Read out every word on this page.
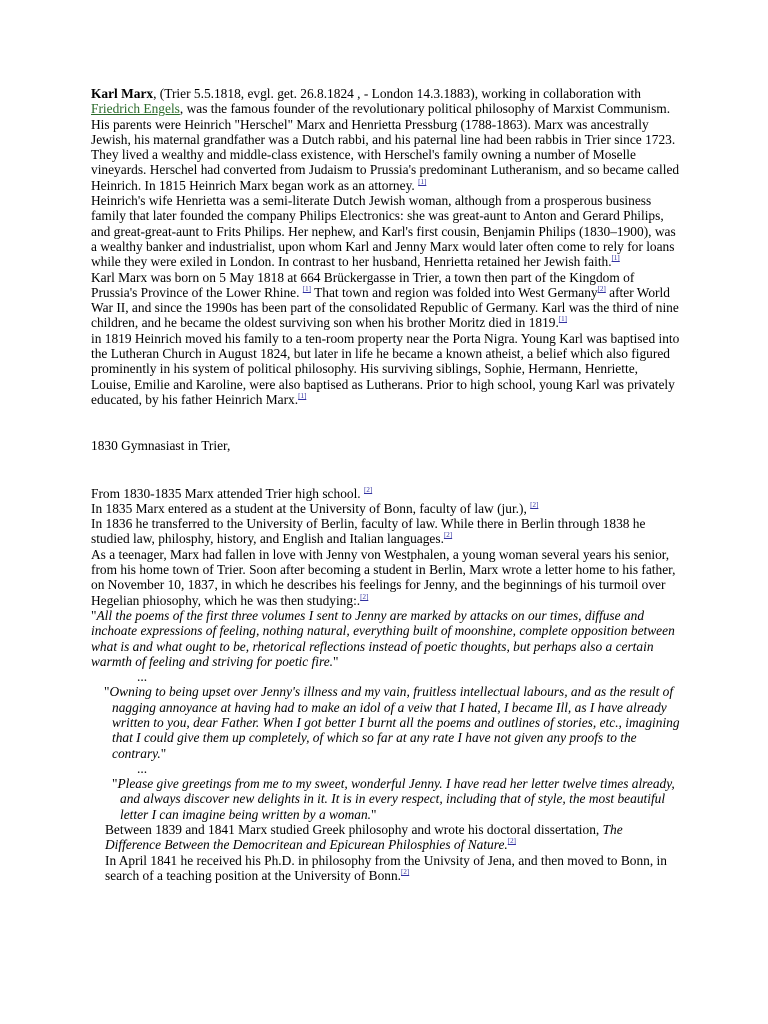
Karl Marx, (Trier 5.5.1818, evgl. get. 26.8.1824 , - London 14.3.1883), working in collaboration with Friedrich Engels, was the famous founder of the revolutionary political philosophy of Marxist Communism.

His parents were Heinrich "Herschel" Marx and Henrietta Pressburg (1788-1863). Marx was ancestrally Jewish, his maternal grandfather was a Dutch rabbi, and his paternal line had been rabbis in Trier since 1723. They lived a wealthy and middle-class existence, with Herschel's family owning a number of Moselle vineyards. Herschel had converted from Judaism to Prussia's predominant Lutheranism, and so became called Heinrich. In 1815 Heinrich Marx began work as an attorney. [1]

Heinrich's wife Henrietta was a semi-literate Dutch Jewish woman, although from a prosperous business family that later founded the company Philips Electronics: she was great-aunt to Anton and Gerard Philips, and great-great-aunt to Frits Philips. Her nephew, and Karl's first cousin, Benjamin Philips (1830–1900), was a wealthy banker and industrialist, upon whom Karl and Jenny Marx would later often come to rely for loans while they were exiled in London. In contrast to her husband, Henrietta retained her Jewish faith.[1]

Karl Marx was born on 5 May 1818 at 664 Brückergasse in Trier, a town then part of the Kingdom of Prussia's Province of the Lower Rhine. [1] That town and region was folded into West Germany[2] after World War II, and since the 1990s has been part of the consolidated Republic of Germany. Karl was the third of nine children, and he became the oldest surviving son when his brother Moritz died in 1819.[1]

in 1819 Heinrich moved his family to a ten-room property near the Porta Nigra. Young Karl was baptised into the Lutheran Church in August 1824, but later in life he became a known atheist, a belief which also figured prominently in his system of political philosophy. His surviving siblings, Sophie, Hermann, Henriette, Louise, Emilie and Karoline, were also baptised as Lutherans. Prior to high school, young Karl was privately educated, by his father Heinrich Marx.[1]

1830 Gymnasiast in Trier,

From 1830-1835 Marx attended Trier high school. [2]

In 1835 Marx entered as a student at the University of Bonn, faculty of law (jur.), [2]

In 1836 he transferred to the University of Berlin, faculty of law. While there in Berlin through 1838 he studied law, philosphy, history, and English and Italian languages.[2]

As a teenager, Marx had fallen in love with Jenny von Westphalen, a young woman several years his senior, from his home town of Trier. Soon after becoming a student in Berlin, Marx wrote a letter home to his father, on November 10, 1837, in which he describes his feelings for Jenny, and the beginnings of his turmoil over Hegelian phiosophy, which he was then studying:.[2]

"All the poems of the first three volumes I sent to Jenny are marked by attacks on our times, diffuse and inchoate expressions of feeling, nothing natural, everything built of moonshine, complete opposition between what is and what ought to be, rhetorical reflections instead of poetic thoughts, but perhaps also a certain warmth of feeling and striving for poetic fire."

...

"Owning to being upset over Jenny's illness and my vain, fruitless intellectual labours, and as the result of nagging annoyance at having had to make an idol of a veiw that I hated, I became Ill, as I have already written to you, dear Father. When I got better I burnt all the poems and outlines of stories, etc., imagining that I could give them up completely, of which so far at any rate I have not given any proofs to the contrary."

...

"Please give greetings from me to my sweet, wonderful Jenny. I have read her letter twelve times already, and always discover new delights in it. It is in every respect, including that of style, the most beautiful letter I can imagine being written by a woman."

Between 1839 and 1841 Marx studied Greek philosophy and wrote his doctoral dissertation, The Difference Between the Democritean and Epicurean Philosphies of Nature.[2]

In April 1841 he received his Ph.D. in philosophy from the Univsity of Jena, and then moved to Bonn, in search of a teaching position at the University of Bonn.[2]
